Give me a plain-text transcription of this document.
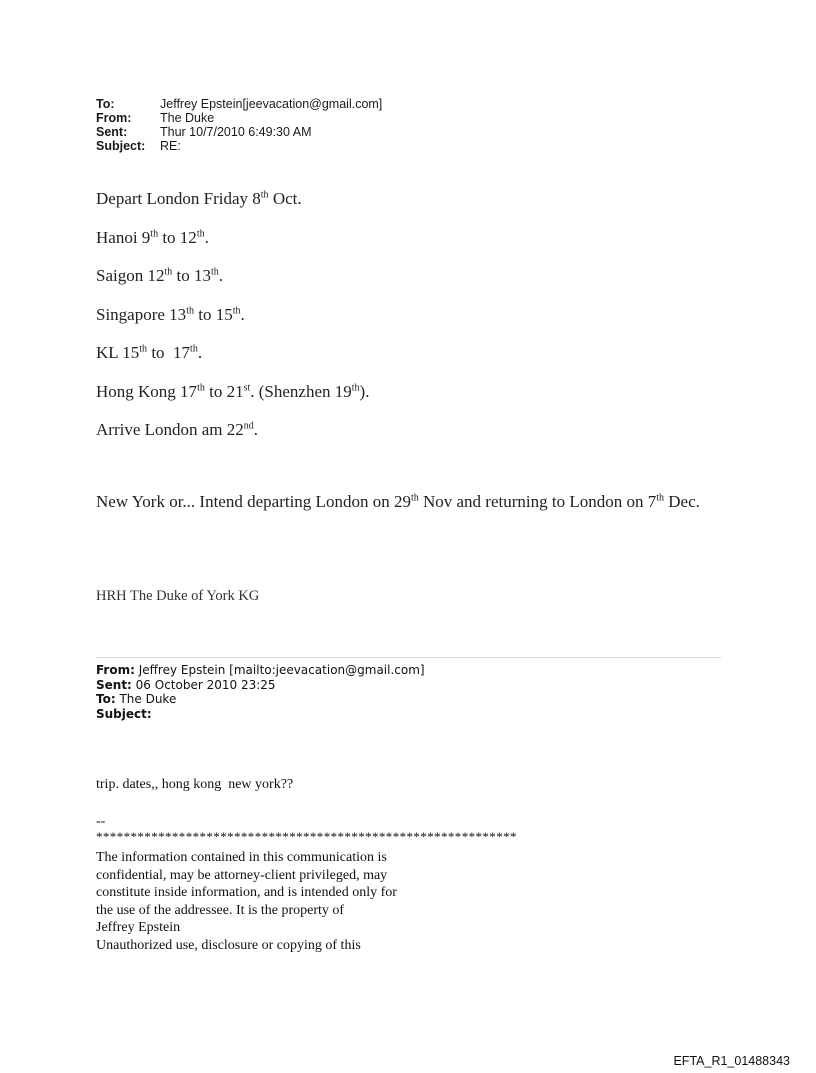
To:	Jeffrey Epstein[jeevacation@gmail.com]
From:	The Duke
Sent:	Thur 10/7/2010 6:49:30 AM
Subject:	RE:
Depart London Friday 8th Oct.
Hanoi 9th to 12th.
Saigon 12th to 13th.
Singapore 13th to 15th.
KL 15th to  17th.
Hong Kong 17th to 21st. (Shenzhen 19th).
Arrive London am 22nd.
New York or... Intend departing London on 29th Nov and returning to London on 7th Dec.
HRH The Duke of York KG
From: Jeffrey Epstein [mailto:jeevacation@gmail.com]
Sent: 06 October 2010 23:25
To: The Duke
Subject:
trip. dates,, hong kong  new york??
--
*************************************************************
The information contained in this communication is
confidential, may be attorney-client privileged, may
constitute inside information, and is intended only for
the use of the addressee. It is the property of
Jeffrey Epstein
Unauthorized use, disclosure or copying of this
EFTA_R1_01488343
